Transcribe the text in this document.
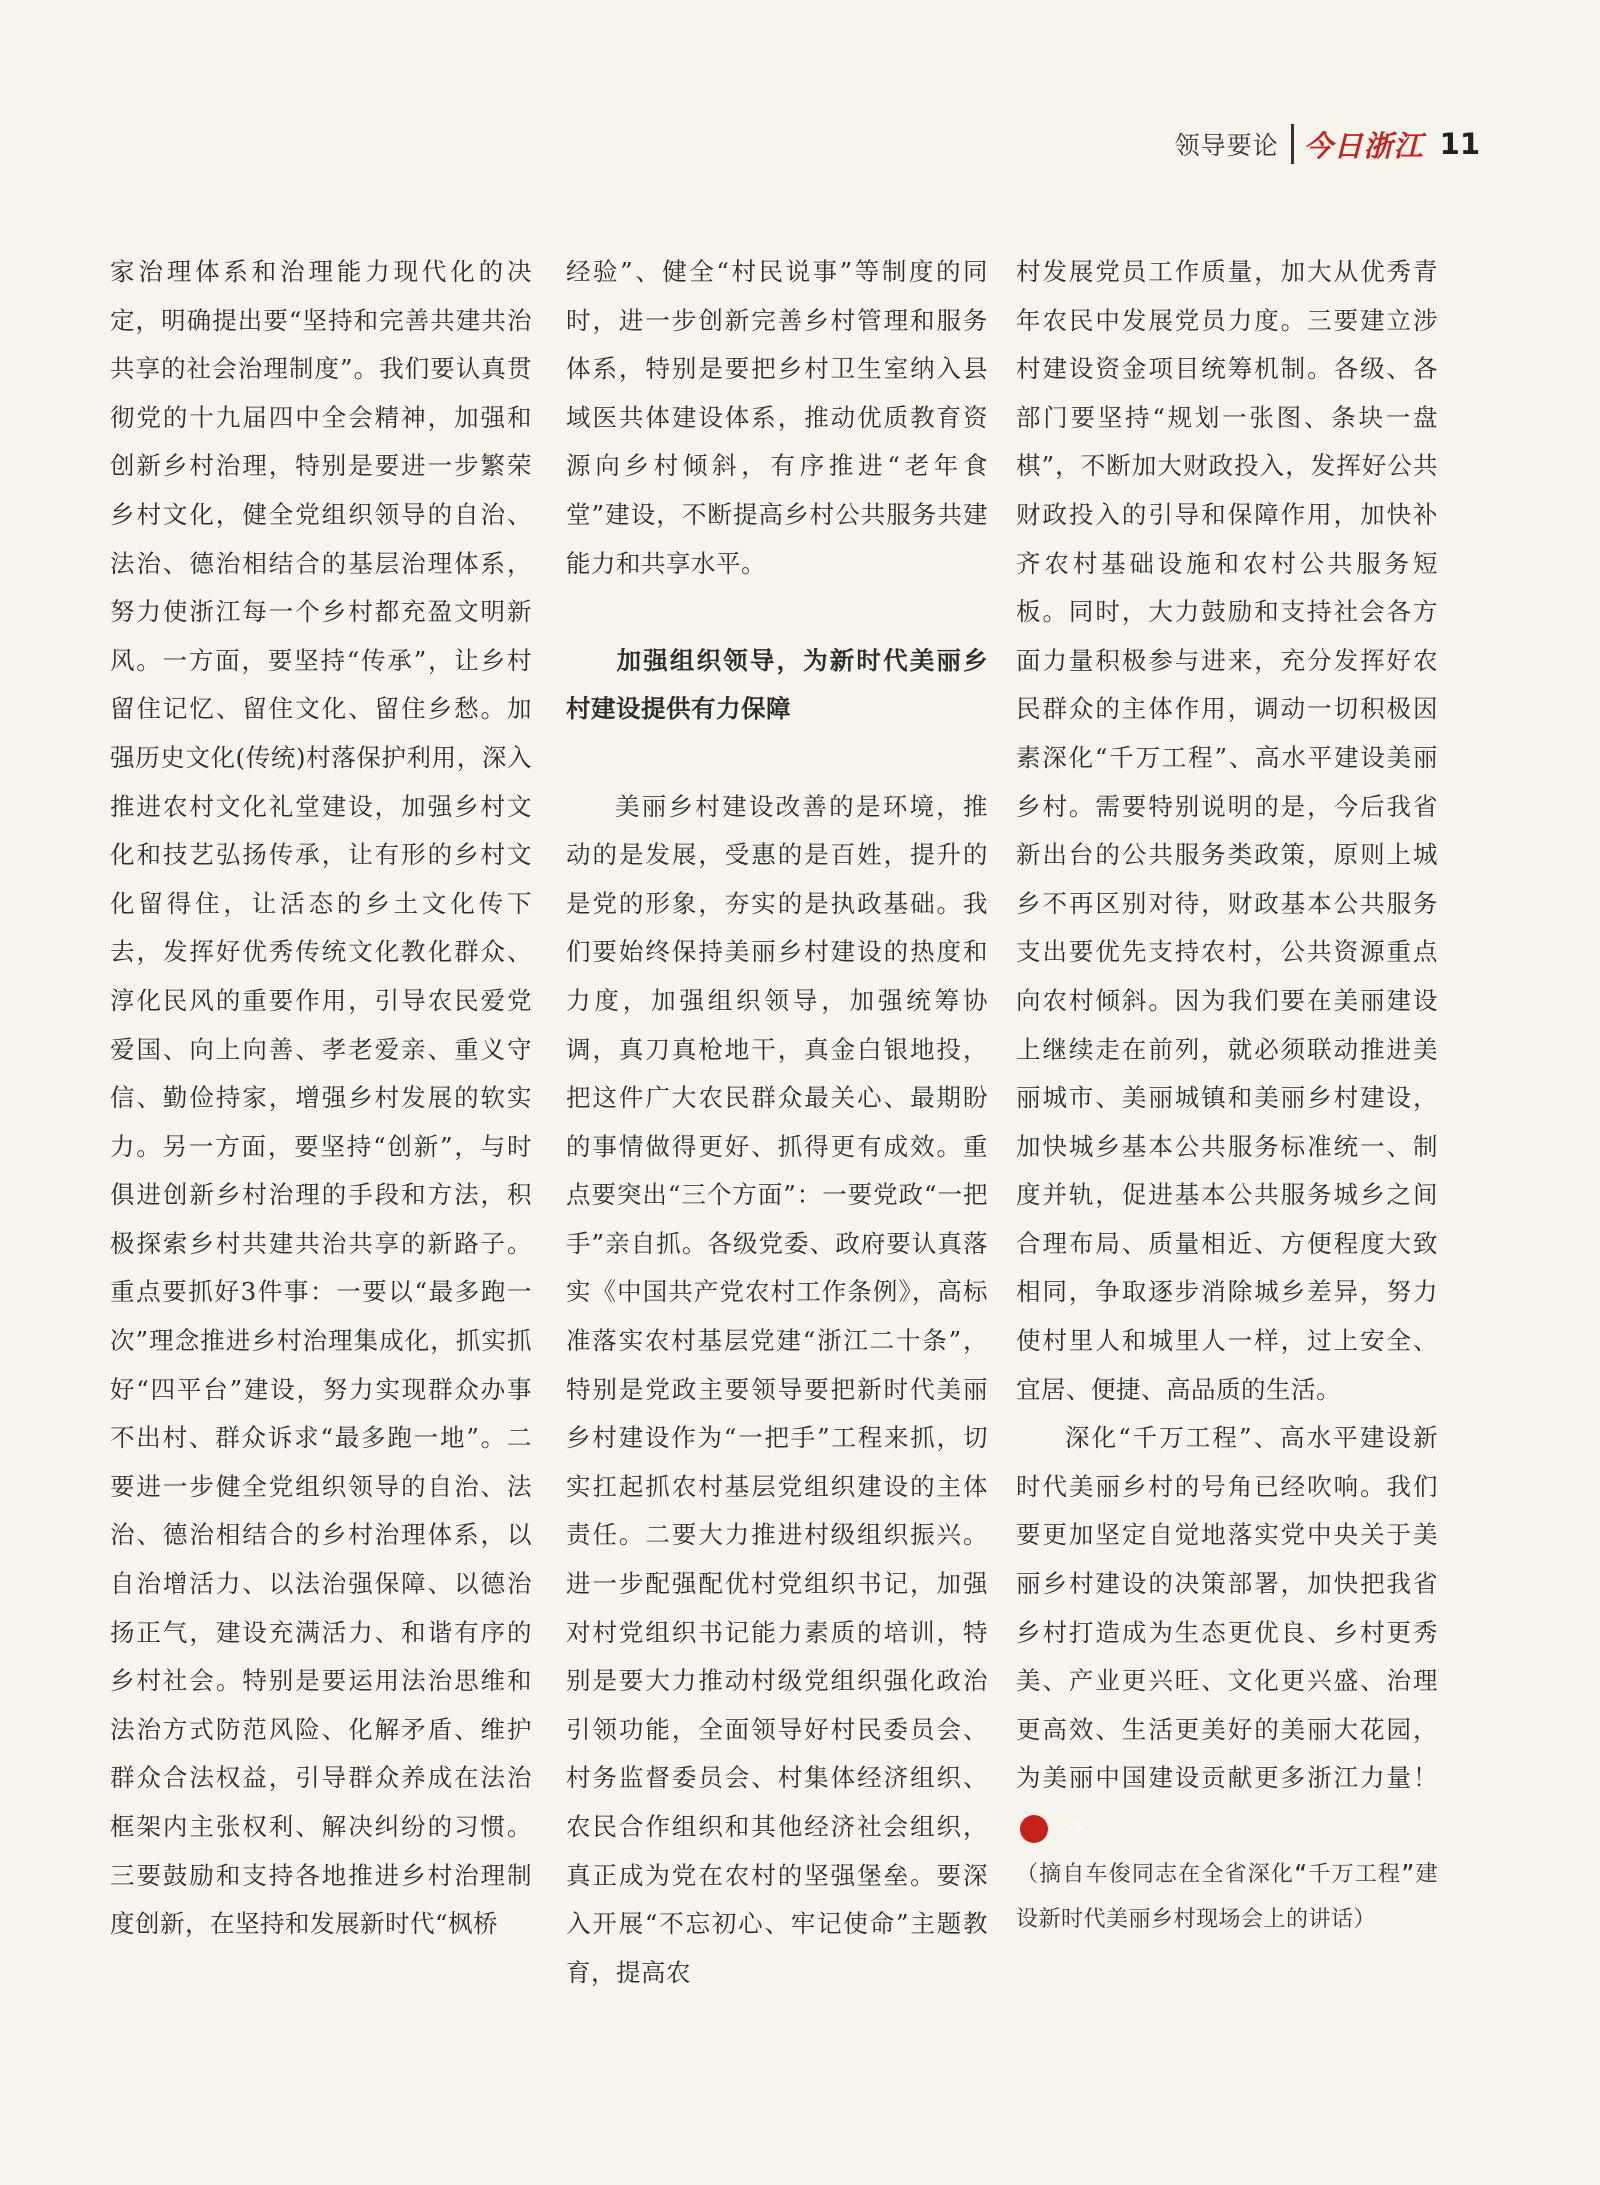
领导要论 今日浙江 11

家治理体系和治理能力现代化的决定，明确提出要“坚持和完善共建共治共享的社会治理制度”。我们要认真贯彻党的十九届四中全会精神，加强和创新乡村治理，特别是要进一步繁荣乡村文化，健全党组织领导的自治、法治、德治相结合的基层治理体系，努力使浙江每一个乡村都充盈文明新风。一方面，要坚持“传承”，让乡村留住记忆、留住文化、留住乡愁。加强历史文化(传统)村落保护利用，深入推进农村文化礼堂建设，加强乡村文化和技艺弘扬传承，让有形的乡村文化留得住，让活态的乡土文化传下去，发挥好优秀传统文化教化群众、淳化民风的重要作用，引导农民爱党爱国、向上向善、孝老爱亲、重义守信、勤俭持家，增强乡村发展的软实力。另一方面，要坚持“创新”，与时俱进创新乡村治理的手段和方法，积极探索乡村共建共治共享的新路子。重点要抓好3件事：一要以“最多跑一次”理念推进乡村治理集成化，抓实抓好“四平台”建设，努力实现群众办事不出村、群众诉求“最多跑一地”。二要进一步健全党组织领导的自治、法治、德治相结合的乡村治理体系，以自治增活力、以法治强保障、以德治扬正气，建设充满活力、和谐有序的乡村社会。特别是要运用法治思维和法治方式防范风险、化解矛盾、维护群众合法权益，引导群众养成在法治框架内主张权利、解决纠纷的习惯。三要鼓励和支持各地推进乡村治理制度创新，在坚持和发展新时代“枫桥

经验”、健全“村民说事”等制度的同时，进一步创新完善乡村管理和服务体系，特别是要把乡村卫生室纳入县域医共体建设体系，推动优质教育资源向乡村倾斜，有序推进“老年食堂”建设，不断提高乡村公共服务共建能力和共享水平。

加强组织领导，为新时代美丽乡村建设提供有力保障

美丽乡村建设改善的是环境，推动的是发展，受惠的是百姓，提升的是党的形象，夯实的是执政基础。我们要始终保持美丽乡村建设的热度和力度，加强组织领导，加强统筹协调，真刀真枪地干，真金白银地投，把这件广大农民群众最关心、最期盼的事情做得更好、抓得更有成效。重点要突出“三个方面”：一要党政“一把手”亲自抓。各级党委、政府要认真落实《中国共产党农村工作条例》，高标准落实农村基层党建“浙江二十条”，特别是党政主要领导要把新时代美丽乡村建设作为“一把手”工程来抓，切实扛起抓农村基层党组织建设的主体责任。二要大力推进村级组织振兴。进一步配强配优村党组织书记，加强对村党组织书记能力素质的培训，特别是要大力推动村级党组织强化政治引领功能，全面领导好村民委员会、村务监督委员会、村集体经济组织、农民合作组织和其他经济社会组织，真正成为党在农村的坚强堡垒。要深入开展“不忘初心、牢记使命”主题教育，提高农

村发展党员工作质量，加大从优秀青年农民中发展党员力度。三要建立涉村建设资金项目统筹机制。各级、各部门要坚持“规划一张图、条块一盘棋”，不断加大财政投入，发挥好公共财政投入的引导和保障作用，加快补齐农村基础设施和农村公共服务短板。同时，大力鼓励和支持社会各方面力量积极参与进来，充分发挥好农民群众的主体作用，调动一切积极因素深化“千万工程”、高水平建设美丽乡村。需要特别说明的是，今后我省新出台的公共服务类政策，原则上城乡不再区别对待，财政基本公共服务支出要优先支持农村，公共资源重点向农村倾斜。因为我们要在美丽建设上继续走在前列，就必须联动推进美丽城市、美丽城镇和美丽乡村建设，加快城乡基本公共服务标准统一、制度并轨，促进基本公共服务城乡之间合理布局、质量相近、方便程度大致相同，争取逐步消除城乡差异，努力使村里人和城里人一样，过上安全、宜居、便捷、高品质的生活。

深化“千万工程”、高水平建设新时代美丽乡村的号角已经吹响。我们要更加坚定自觉地落实党中央关于美丽乡村建设的决策部署，加快把我省乡村打造成为生态更优良、乡村更秀美、产业更兴旺、文化更兴盛、治理更高效、生活更美好的美丽大花园，为美丽中国建设贡献更多浙江力量！今

（摘自车俊同志在全省深化“千万工程”建设新时代美丽乡村现场会上的讲话）
